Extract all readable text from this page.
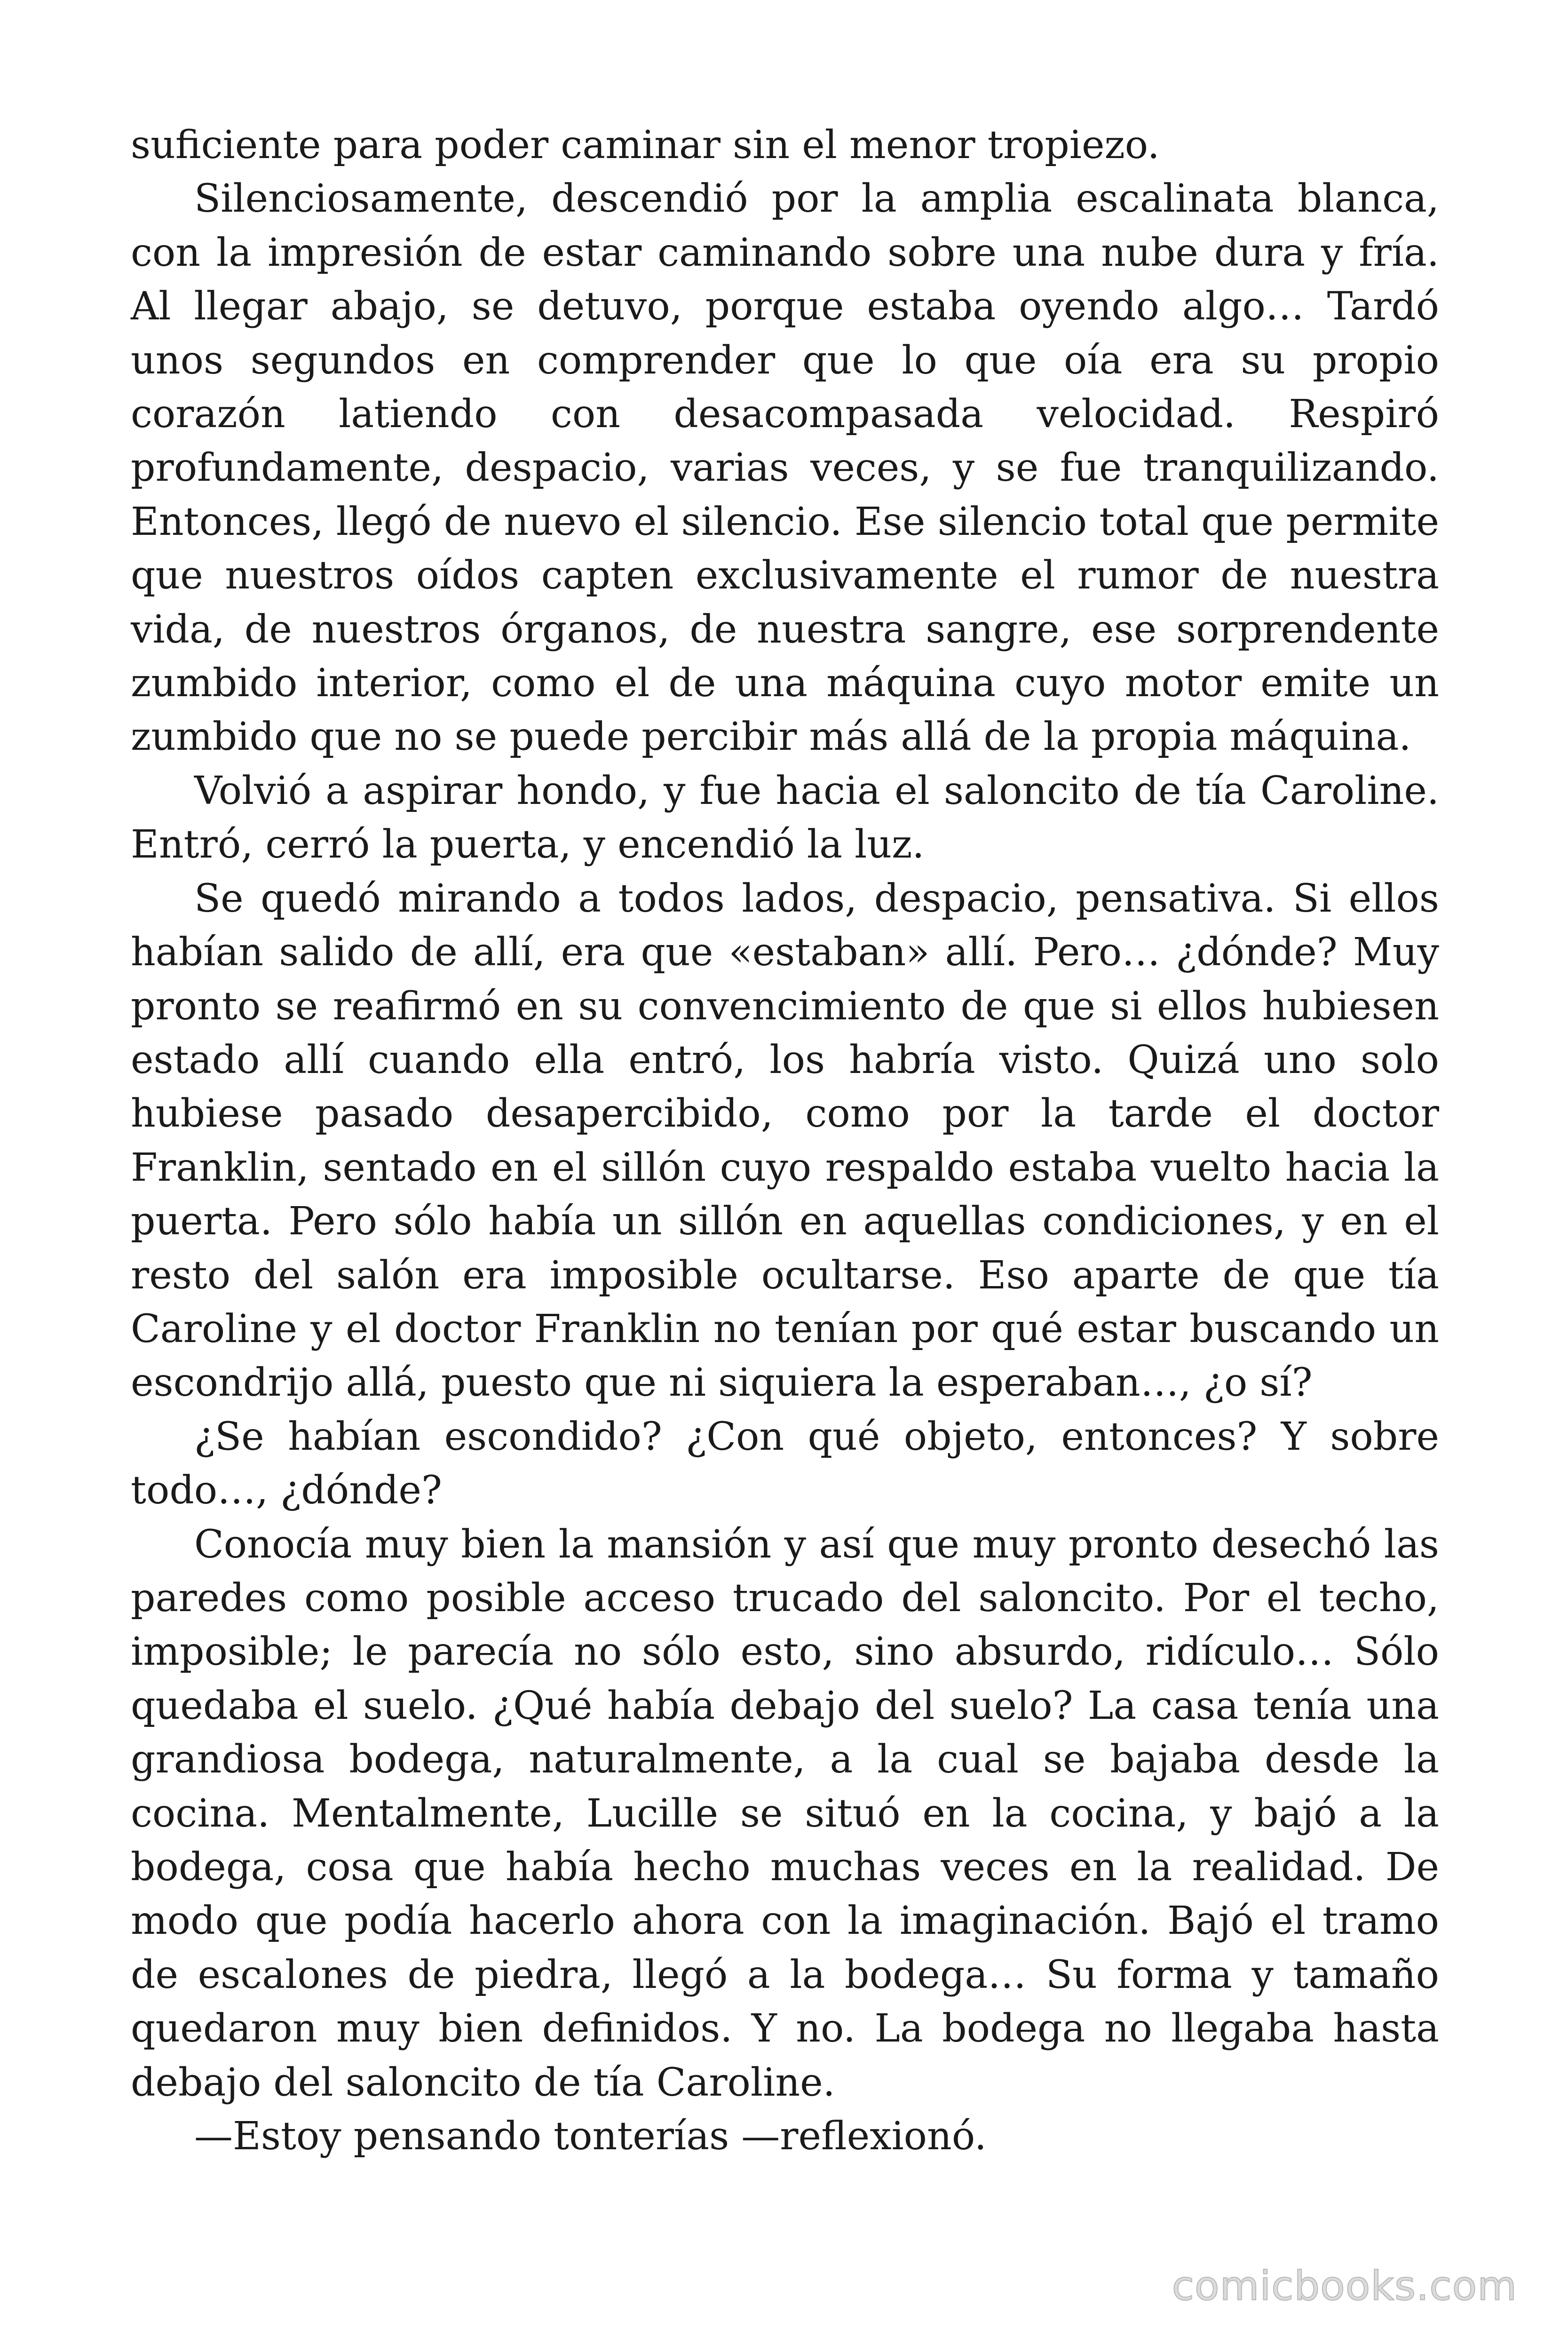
suficiente para poder caminar sin el menor tropiezo.

Silenciosamente, descendió por la amplia escalinata blanca, con la impresión de estar caminando sobre una nube dura y fría. Al llegar abajo, se detuvo, porque estaba oyendo algo… Tardó unos segundos en comprender que lo que oía era su propio corazón latiendo con desacompasada velocidad. Respiró profundamente, despacio, varias veces, y se fue tranquilizando. Entonces, llegó de nuevo el silencio. Ese silencio total que permite que nuestros oídos capten exclusivamente el rumor de nuestra vida, de nuestros órganos, de nuestra sangre, ese sorprendente zumbido interior, como el de una máquina cuyo motor emite un zumbido que no se puede percibir más allá de la propia máquina.

Volvió a aspirar hondo, y fue hacia el saloncito de tía Caroline. Entró, cerró la puerta, y encendió la luz.

Se quedó mirando a todos lados, despacio, pensativa. Si ellos habían salido de allí, era que «estaban» allí. Pero… ¿dónde? Muy pronto se reafirmó en su convencimiento de que si ellos hubiesen estado allí cuando ella entró, los habría visto. Quizá uno solo hubiese pasado desapercibido, como por la tarde el doctor Franklin, sentado en el sillón cuyo respaldo estaba vuelto hacia la puerta. Pero sólo había un sillón en aquellas condiciones, y en el resto del salón era imposible ocultarse. Eso aparte de que tía Caroline y el doctor Franklin no tenían por qué estar buscando un escondrijo allá, puesto que ni siquiera la esperaban…, ¿o sí?

¿Se habían escondido? ¿Con qué objeto, entonces? Y sobre todo…, ¿dónde?

Conocía muy bien la mansión y así que muy pronto desechó las paredes como posible acceso trucado del saloncito. Por el techo, imposible; le parecía no sólo esto, sino absurdo, ridículo… Sólo quedaba el suelo. ¿Qué había debajo del suelo? La casa tenía una grandiosa bodega, naturalmente, a la cual se bajaba desde la cocina. Mentalmente, Lucille se situó en la cocina, y bajó a la bodega, cosa que había hecho muchas veces en la realidad. De modo que podía hacerlo ahora con la imaginación. Bajó el tramo de escalones de piedra, llegó a la bodega… Su forma y tamaño quedaron muy bien definidos. Y no. La bodega no llegaba hasta debajo del saloncito de tía Caroline.

—Estoy pensando tonterías —reflexionó.

comicbooks.com
